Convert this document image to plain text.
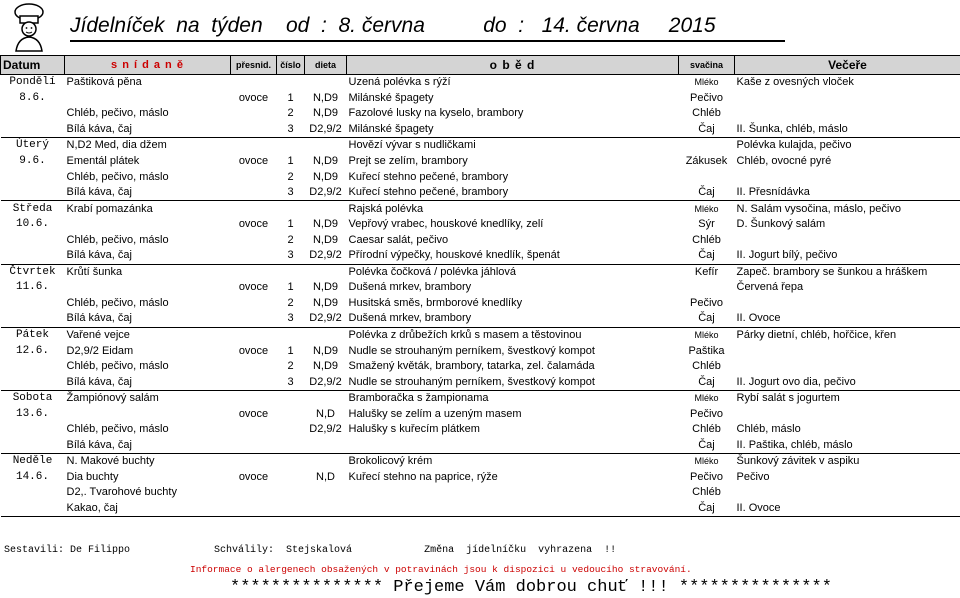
Jídelníček  na  týden    od  :  8. června          do  :   14. června     2015
Datum	s n í d a n ě	přesnid.	číslo	dieta	o b ě d	svačina	Večeře
Pondělí	Paštiková pěna				Uzená polévka s rýží	Mléko	Kaše z ovesných vloček
8.6.		ovoce	1	N,D9	Milánské špagety	Pečivo	
	Chléb, pečivo, máslo		2	N,D9	Fazolové lusky na kyselo, brambory	Chléb	
	Bílá káva, čaj		3	D2,9/2	Milánské špagety	Čaj	II. Šunka, chléb, máslo
Úterý	N,D2 Med, dia džem				Hovězí vývar s nudličkami		Polévka kulajda, pečivo
9.6.	Ementál plátek	ovoce	1	N,D9	Prejt se zelím, brambory	Zákusek	Chléb, ovocné pyré
	Chléb, pečivo, máslo		2	N,D9	Kuřecí stehno pečené, brambory		
	Bílá káva, čaj		3	D2,9/2	Kuřecí stehno pečené, brambory	Čaj	II. Přesnídávka
Středa	Krabí pomazánka				Rajská polévka	Mléko	N. Salám vysočina, máslo, pečivo
10.6.		ovoce	1	N,D9	Vepřový vrabec, houskové knedlíky, zelí	Sýr	D. Šunkový salám
	Chléb, pečivo, máslo		2	N,D9	Caesar salát, pečivo	Chléb	
	Bílá káva, čaj		3	D2,9/2	Přírodní výpečky, houskové knedlík, špenát	Čaj	II. Jogurt bílý, pečivo
Čtvrtek	Krůtí šunka				Polévka čočková / polévka jáhlová	Kefír	Zapeč. brambory se šunkou a hráškem
11.6.		ovoce	1	N,D9	Dušená mrkev, brambory		Červená řepa
	Chléb, pečivo, máslo		2	N,D9	Husitská směs, brmborové knedlíky	Pečivo	
	Bílá káva, čaj		3	D2,9/2	Dušená mrkev, brambory	Čaj	II. Ovoce
Pátek	Vařené vejce				Polévka z drůbežích krků s masem a těstovinou	Mléko	Párky dietní, chléb, hořčice, křen
12.6.	D2,9/2 Eidam	ovoce	1	N,D9	Nudle se strouhaným perníkem, švestkový kompot	Paštika	
	Chléb, pečivo, máslo		2	N,D9	Smažený květák, brambory, tatarka, zel. čalamáda	Chléb	
	Bílá káva, čaj		3	D2,9/2	Nudle se strouhaným perníkem, švestkový kompot	Čaj	II. Jogurt ovo dia, pečivo
Sobota	Žampiónový salám				Bramboračka s žampionama	Mléko	Rybí salát s jogurtem
13.6.		ovoce		N,D	Halušky se zelím a uzeným masem	Pečivo	
	Chléb, pečivo, máslo			D2,9/2	Halušky s kuřecím plátkem	Chléb	Chléb, máslo
	Bílá káva, čaj					Čaj	II. Paštika, chléb, máslo
Neděle	N. Makové buchty				Brokolicový krém	Mléko	Šunkový závitek v aspiku
14.6.	Dia buchty	ovoce		N,D	Kuřecí stehno na paprice, rýže	Pečivo	Pečivo
	D2,. Tvarohové buchty					Chléb	
	Kakao, čaj					Čaj	II. Ovoce
Sestavili: De Filippo              Schválily:  Stejskalová            Změna  jídelníčku  vyhrazena  !!
Informace o alergenech obsažených v potravinách jsou k dispozici u vedoucího stravování.
*************** Přejeme Vám dobrou chuť !!! ***************
